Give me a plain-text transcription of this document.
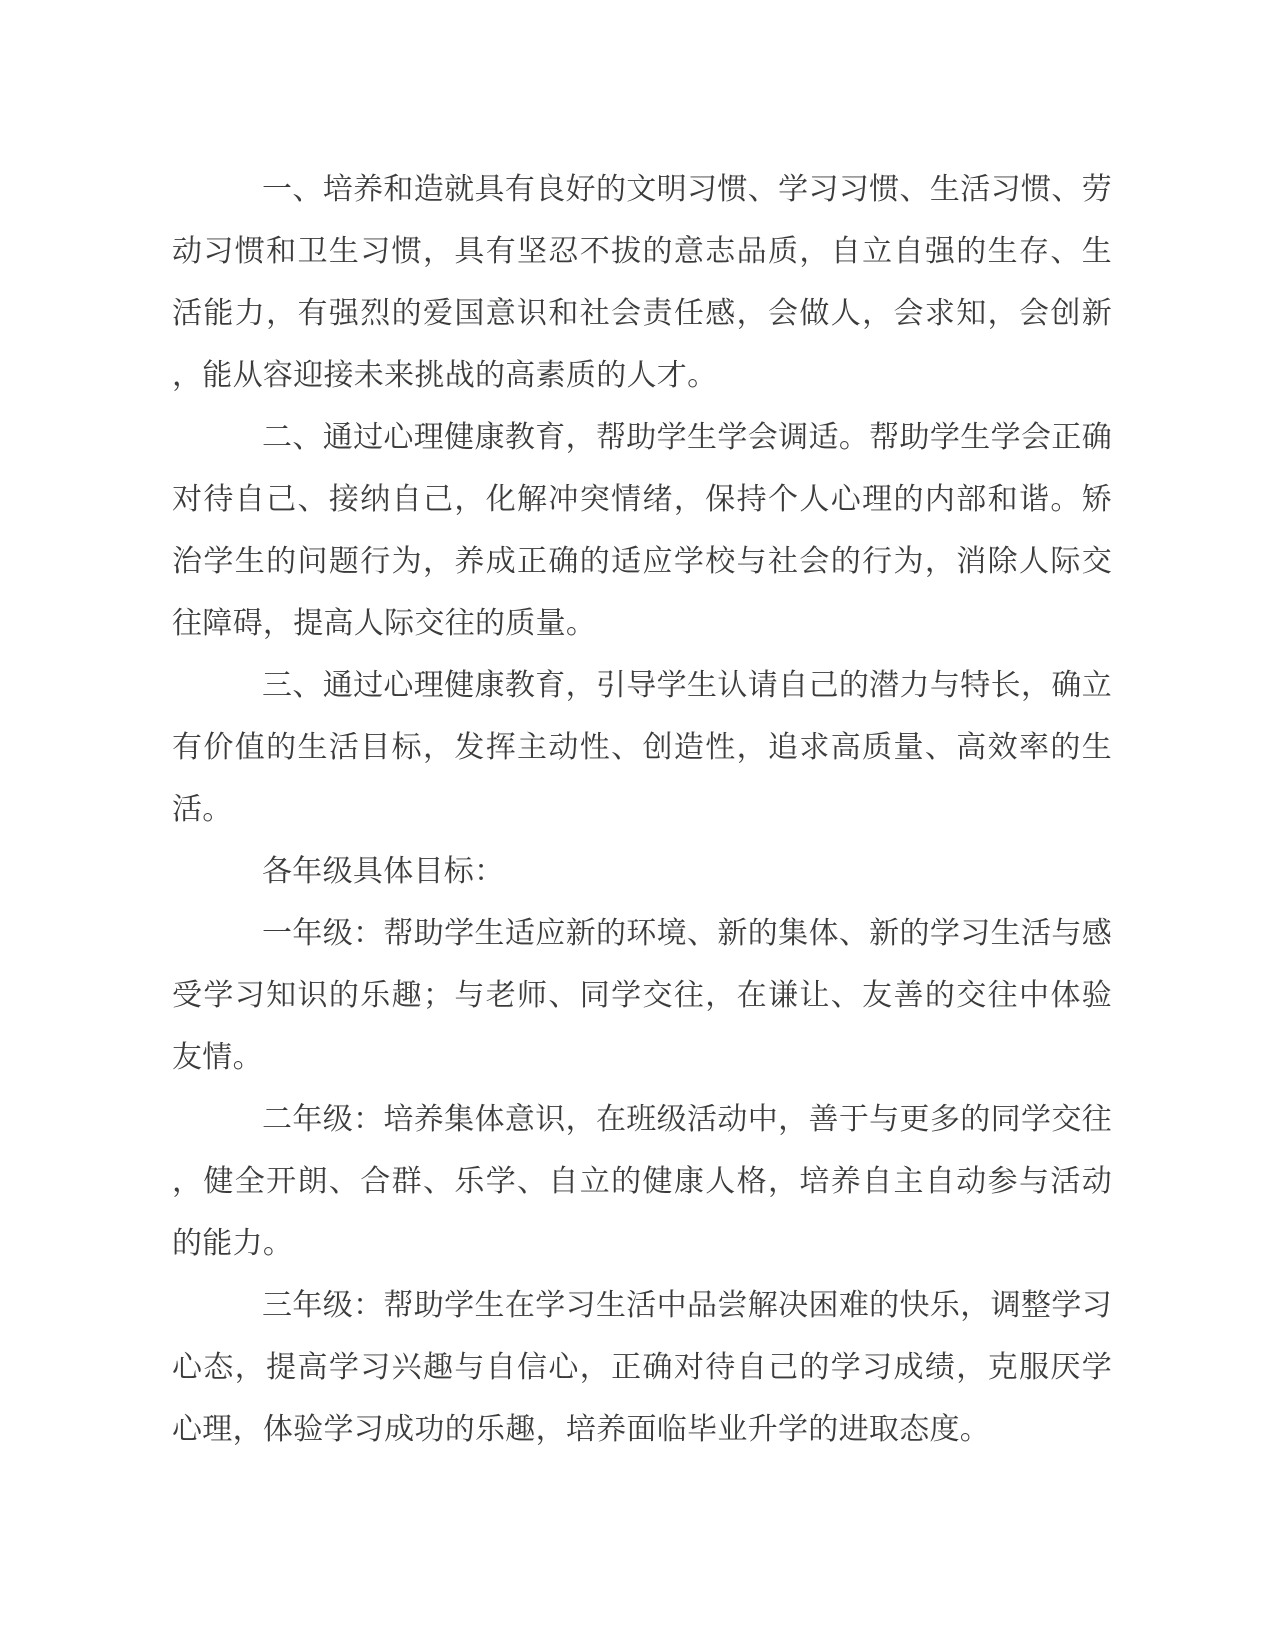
一、培养和造就具有良好的文明习惯、学习习惯、生活习惯、劳
动习惯和卫生习惯，具有坚忍不拔的意志品质，自立自强的生存、生
活能力，有强烈的爱国意识和社会责任感，会做人，会求知，会创新
，能从容迎接未来挑战的高素质的人才。
二、通过心理健康教育，帮助学生学会调适。帮助学生学会正确
对待自己、接纳自己，化解冲突情绪，保持个人心理的内部和谐。矫
治学生的问题行为，养成正确的适应学校与社会的行为，消除人际交
往障碍，提高人际交往的质量。
三、通过心理健康教育，引导学生认请自己的潜力与特长，确立
有价值的生活目标，发挥主动性、创造性，追求高质量、高效率的生
活。
各年级具体目标：
一年级：帮助学生适应新的环境、新的集体、新的学习生活与感
受学习知识的乐趣；与老师、同学交往，在谦让、友善的交往中体验
友情。
二年级：培养集体意识，在班级活动中，善于与更多的同学交往
，健全开朗、合群、乐学、自立的健康人格，培养自主自动参与活动
的能力。
三年级：帮助学生在学习生活中品尝解决困难的快乐，调整学习
心态，提高学习兴趣与自信心，正确对待自己的学习成绩，克服厌学
心理，体验学习成功的乐趣，培养面临毕业升学的进取态度。
